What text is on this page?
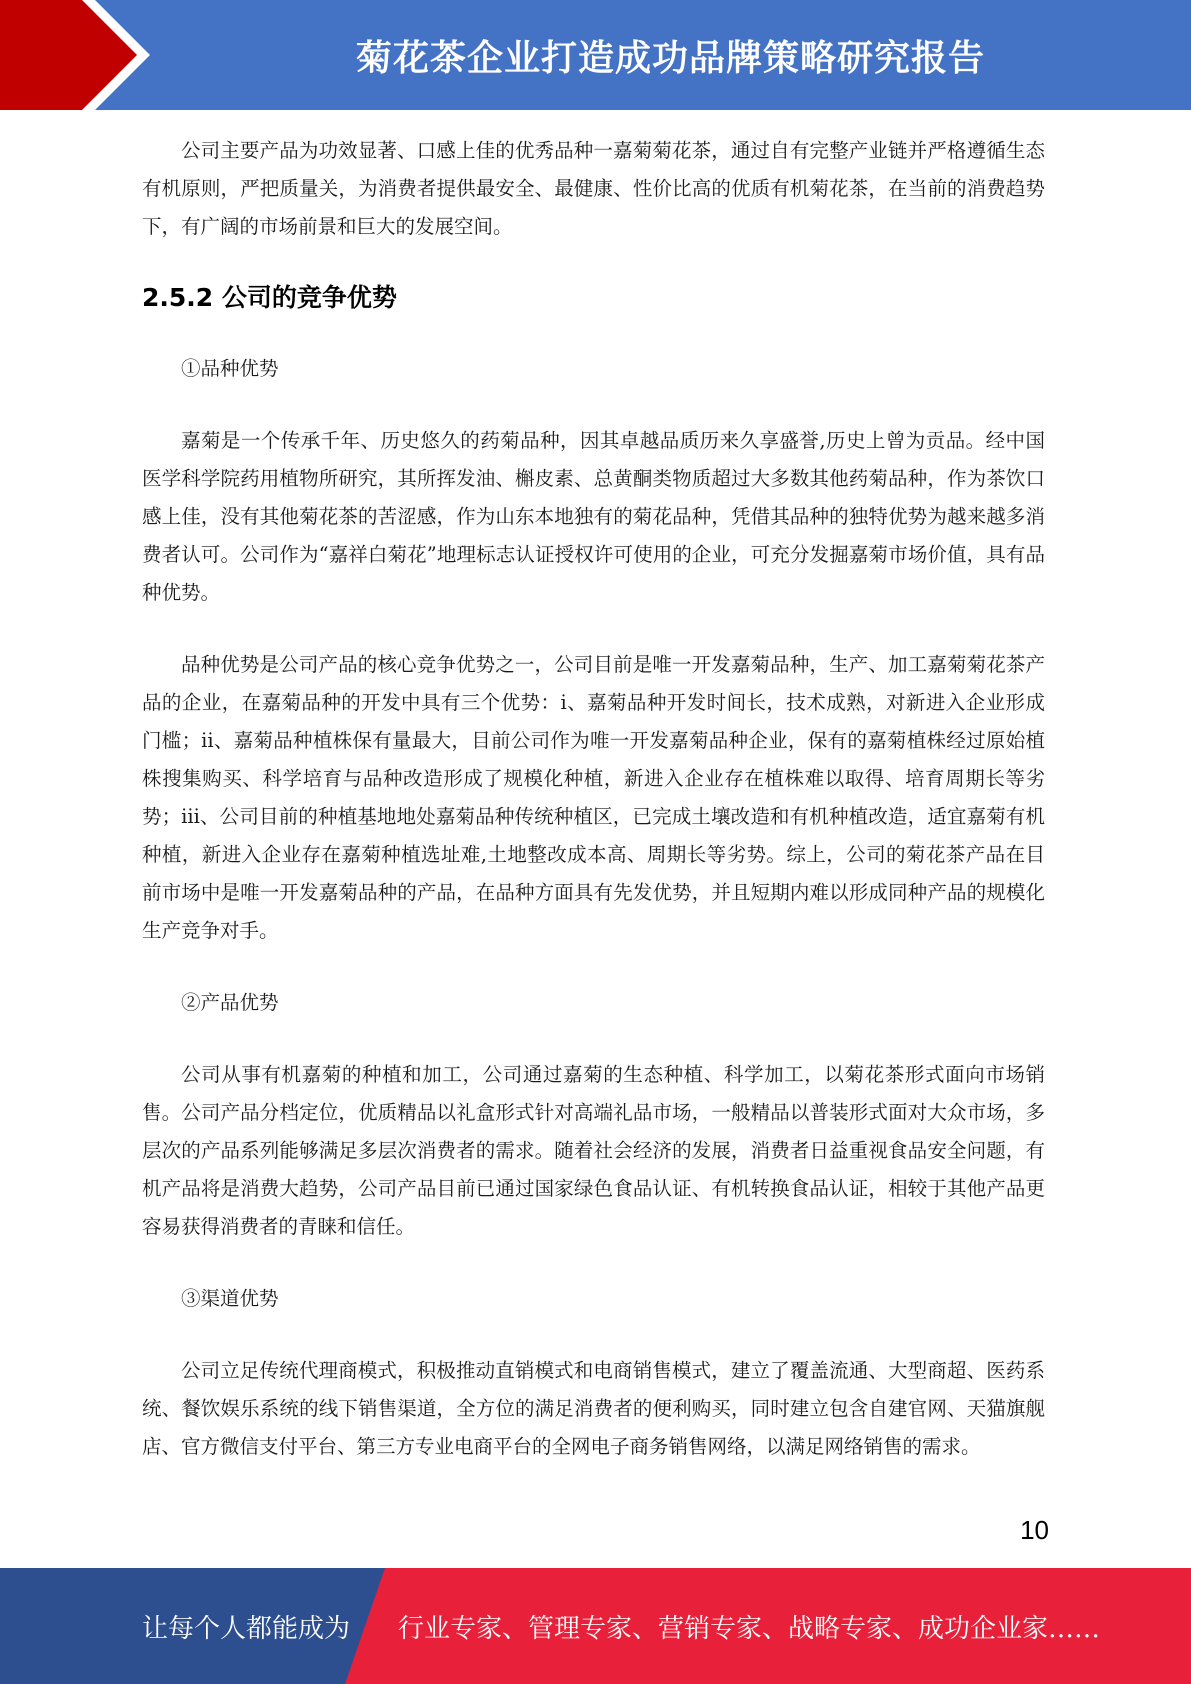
菊花茶企业打造成功品牌策略研究报告

公司主要产品为功效显著、口感上佳的优秀品种一嘉菊菊花茶，通过自有完整产业链并严格遵循生态有机原则，严把质量关，为消费者提供最安全、最健康、性价比高的优质有机菊花茶，在当前的消费趋势下，有广阔的市场前景和巨大的发展空间。

2.5.2 公司的竞争优势

①品种优势

嘉菊是一个传承千年、历史悠久的药菊品种，因其卓越品质历来久享盛誉,历史上曾为贡品。经中国医学科学院药用植物所研究，其所挥发油、槲皮素、总黄酮类物质超过大多数其他药菊品种，作为茶饮口感上佳，没有其他菊花茶的苦涩感，作为山东本地独有的菊花品种，凭借其品种的独特优势为越来越多消费者认可。公司作为“嘉祥白菊花”地理标志认证授权许可使用的企业，可充分发掘嘉菊市场价值，具有品种优势。

品种优势是公司产品的核心竞争优势之一，公司目前是唯一开发嘉菊品种，生产、加工嘉菊菊花茶产品的企业，在嘉菊品种的开发中具有三个优势：i、嘉菊品种开发时间长，技术成熟，对新进入企业形成门槛；ii、嘉菊品种植株保有量最大，目前公司作为唯一开发嘉菊品种企业，保有的嘉菊植株经过原始植株搜集购买、科学培育与品种改造形成了规模化种植，新进入企业存在植株难以取得、培育周期长等劣势；iii、公司目前的种植基地地处嘉菊品种传统种植区，已完成土壤改造和有机种植改造，适宜嘉菊有机种植，新进入企业存在嘉菊种植选址难,土地整改成本高、周期长等劣势。综上，公司的菊花茶产品在目前市场中是唯一开发嘉菊品种的产品，在品种方面具有先发优势，并且短期内难以形成同种产品的规模化生产竞争对手。

②产品优势

公司从事有机嘉菊的种植和加工，公司通过嘉菊的生态种植、科学加工，以菊花茶形式面向市场销售。公司产品分档定位，优质精品以礼盒形式针对高端礼品市场，一般精品以普装形式面对大众市场，多层次的产品系列能够满足多层次消费者的需求。随着社会经济的发展，消费者日益重视食品安全问题，有机产品将是消费大趋势，公司产品目前已通过国家绿色食品认证、有机转换食品认证，相较于其他产品更容易获得消费者的青睐和信任。

③渠道优势

公司立足传统代理商模式，积极推动直销模式和电商销售模式，建立了覆盖流通、大型商超、医药系统、餐饮娱乐系统的线下销售渠道，全方位的满足消费者的便利购买，同时建立包含自建官网、天猫旗舰店、官方微信支付平台、第三方专业电商平台的全网电子商务销售网络，以满足网络销售的需求。

10
让每个人都能成为 行业专家、管理专家、营销专家、战略专家、成功企业家……
